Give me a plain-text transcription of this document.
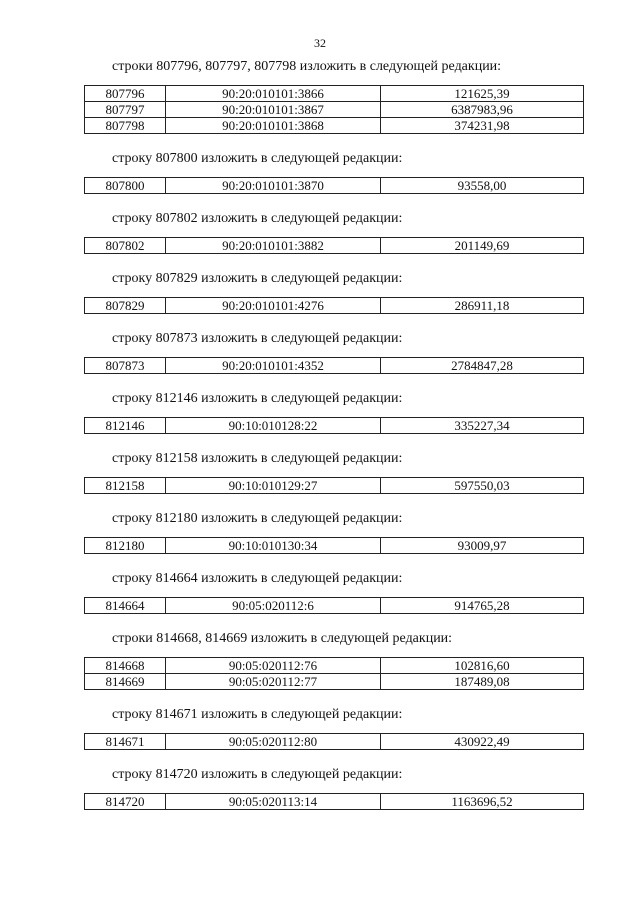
32
строки 807796, 807797, 807798 изложить в следующей редакции:
807796	90:20:010101:3866	121625,39
807797	90:20:010101:3867	6387983,96
807798	90:20:010101:3868	374231,98
строку 807800 изложить в следующей редакции:
807800	90:20:010101:3870	93558,00
строку 807802 изложить в следующей редакции:
807802	90:20:010101:3882	201149,69
строку 807829 изложить в следующей редакции:
807829	90:20:010101:4276	286911,18
строку 807873 изложить в следующей редакции:
807873	90:20:010101:4352	2784847,28
строку 812146 изложить в следующей редакции:
812146	90:10:010128:22	335227,34
строку 812158 изложить в следующей редакции:
812158	90:10:010129:27	597550,03
строку 812180 изложить в следующей редакции:
812180	90:10:010130:34	93009,97
строку 814664 изложить в следующей редакции:
814664	90:05:020112:6	914765,28
строки 814668, 814669 изложить в следующей редакции:
814668	90:05:020112:76	102816,60
814669	90:05:020112:77	187489,08
строку 814671 изложить в следующей редакции:
814671	90:05:020112:80	430922,49
строку 814720 изложить в следующей редакции:
814720	90:05:020113:14	1163696,52
